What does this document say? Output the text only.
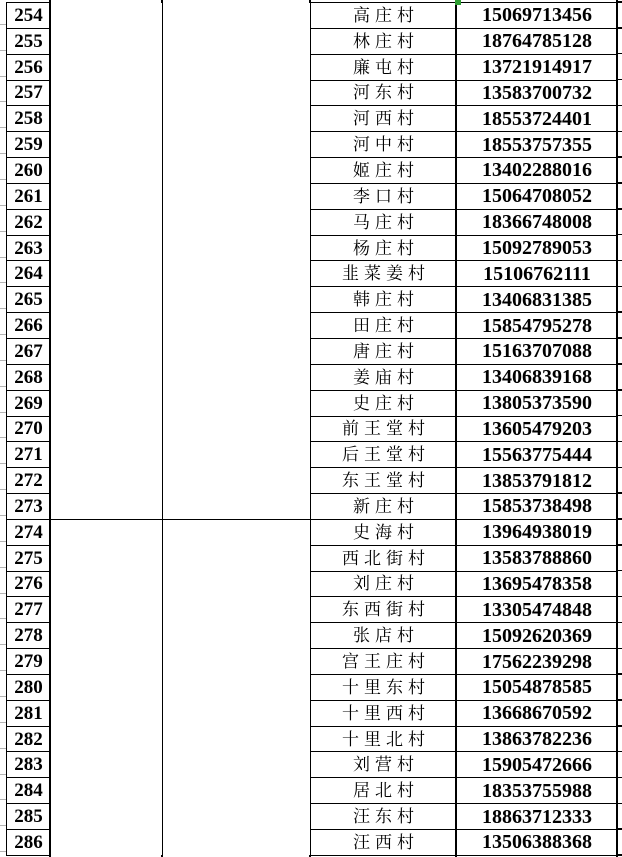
254			高庄村	15069713456
255			林庄村	18764785128
256			廉屯村	13721914917
257			河东村	13583700732
258			河西村	18553724401
259			河中村	18553757355
260			姬庄村	13402288016
261			李口村	15064708052
262			马庄村	18366748008
263			杨庄村	15092789053
264			韭菜姜村	15106762111
265			韩庄村	13406831385
266			田庄村	15854795278
267			唐庄村	15163707088
268			姜庙村	13406839168
269			史庄村	13805373590
270			前王堂村	13605479203
271			后王堂村	15563775444
272			东王堂村	13853791812
273			新庄村	15853738498
274			史海村	13964938019
275			西北街村	13583788860
276			刘庄村	13695478358
277			东西街村	13305474848
278			张店村	15092620369
279			宫王庄村	17562239298
280			十里东村	15054878585
281			十里西村	13668670592
282			十里北村	13863782236
283			刘营村	15905472666
284			居北村	18353755988
285			汪东村	18863712333
286			汪西村	13506388368
